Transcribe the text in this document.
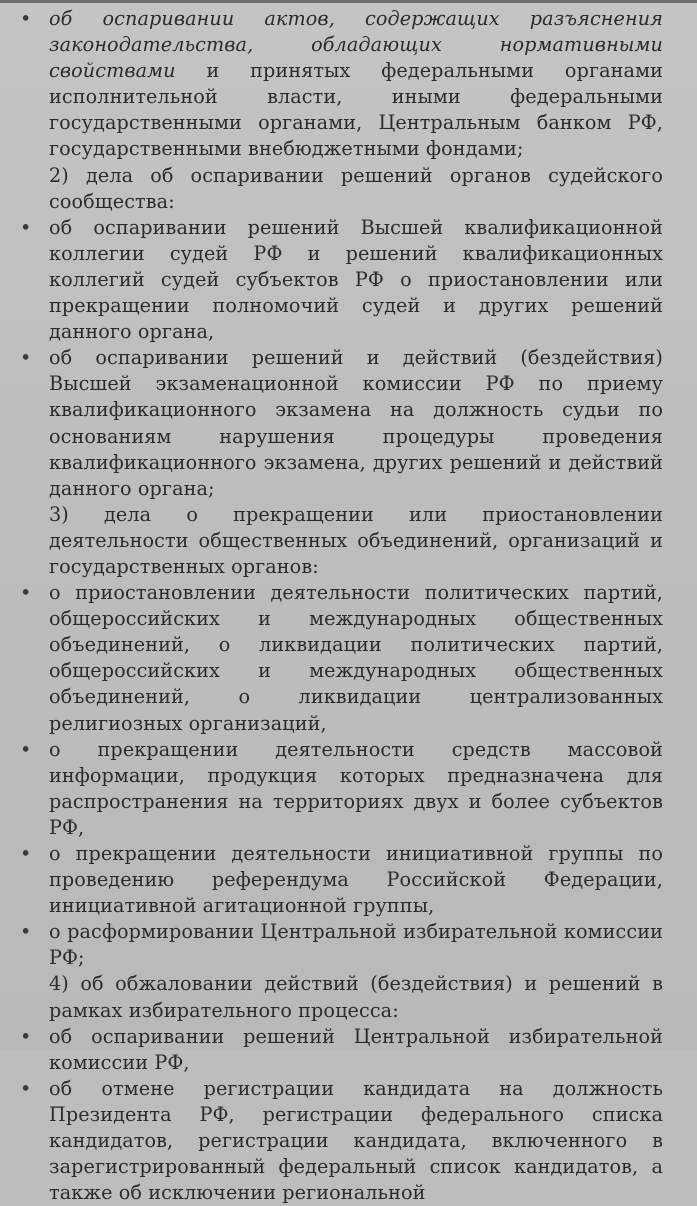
• об оспаривании актов, содержащих разъяснения законодательства, обладающих нормативными свойствами и принятых федеральными органами исполнительной власти, иными федеральными государственными органами, Центральным банком РФ, государственными внебюджетными фондами;

2) дела об оспаривании решений органов судейского сообщества:

• об оспаривании решений Высшей квалификационной коллегии судей РФ и решений квалификационных коллегий судей субъектов РФ о приостановлении или прекращении полномочий судей и других решений данного органа,

• об оспаривании решений и действий (бездействия) Высшей экзаменационной комиссии РФ по приему квалификационного экзамена на должность судьи по основаниям нарушения процедуры проведения квалификационного экзамена, других решений и действий данного органа;

3) дела о прекращении или приостановлении деятельности общественных объединений, организаций и государственных органов:

• о приостановлении деятельности политических партий, общероссийских и международных общественных объединений, о ликвидации политических партий, общероссийских и международных общественных объединений, о ликвидации централизованных религиозных организаций,

• о прекращении деятельности средств массовой информации, продукция которых предназначена для распространения на территориях двух и более субъектов РФ,

• о прекращении деятельности инициативной группы по проведению референдума Российской Федерации, инициативной агитационной группы,

• о расформировании Центральной избирательной комиссии РФ;

4) об обжаловании действий (бездействия) и решений в рамках избирательного процесса:

• об оспаривании решений Центральной избирательной комиссии РФ,

• об отмене регистрации кандидата на должность Президента РФ, регистрации федерального списка кандидатов, регистрации кандидата, включенного в зарегистрированный федеральный список кандидатов, а также об исключении региональной
